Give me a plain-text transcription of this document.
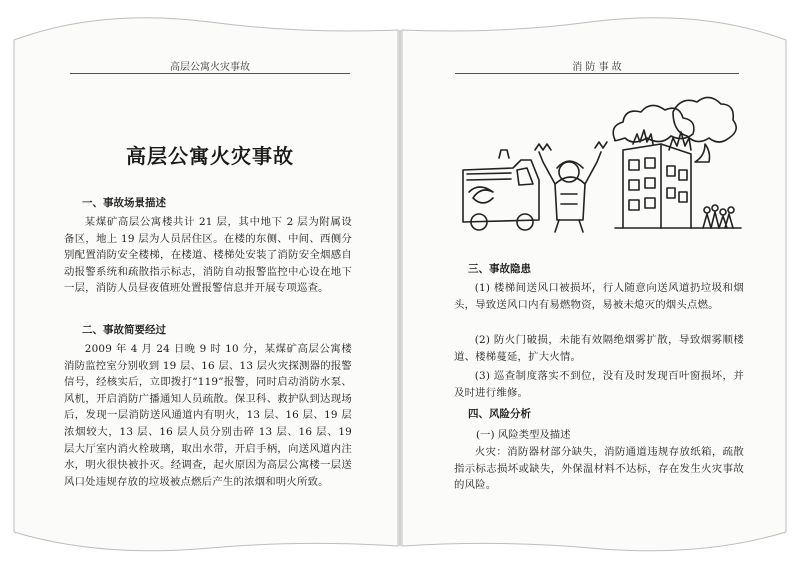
高层公寓火灾事故
高层公寓火灾事故
一、事故场景描述
某煤矿高层公寓楼共计 21 层，其中地下 2 层为附属设备区，地上 19 层为人员居住区。在楼的东侧、中间、西侧分别配置消防安全楼梯，在楼道、楼梯处安装了消防安全烟感自动报警系统和疏散指示标志，消防自动报警监控中心设在地下一层，消防人员昼夜值班处置报警信息并开展专项巡查。
二、事故简要经过
2009 年 4 月 24 日晚 9 时 10 分，某煤矿高层公寓楼消防监控室分别收到 19 层、16 层、13 层火灾探测器的报警信号，经核实后，立即拨打“119”报警，同时启动消防水泵、风机，开启消防广播通知人员疏散。保卫科、救护队到达现场后，发现一层消防送风通道内有明火，13 层、16 层、19 层浓烟较大，13 层、16 层人员分别击碎 13 层、16 层、19 层大厅室内消火栓玻璃，取出水带，开启手柄，向送风道内注水，明火很快被扑灭。经调查，起火原因为高层公寓楼一层送风口处违规存放的垃圾被点燃后产生的浓烟和明火所致。
消 防 事 故
三、事故隐患
(1) 楼梯间送风口被损坏，行人随意向送风道扔垃圾和烟头，导致送风口内有易燃物资，易被未熄灭的烟头点燃。
(2) 防火门破损，未能有效隔绝烟雾扩散，导致烟雾顺楼道、楼梯蔓延，扩大火情。
(3) 巡查制度落实不到位，没有及时发现百叶窗损坏，并及时进行维修。
四、风险分析
(一) 风险类型及描述
火灾：消防器材部分缺失，消防通道违规存放纸箱，疏散指示标志损坏或缺失，外保温材料不达标，存在发生火灾事故的风险。
